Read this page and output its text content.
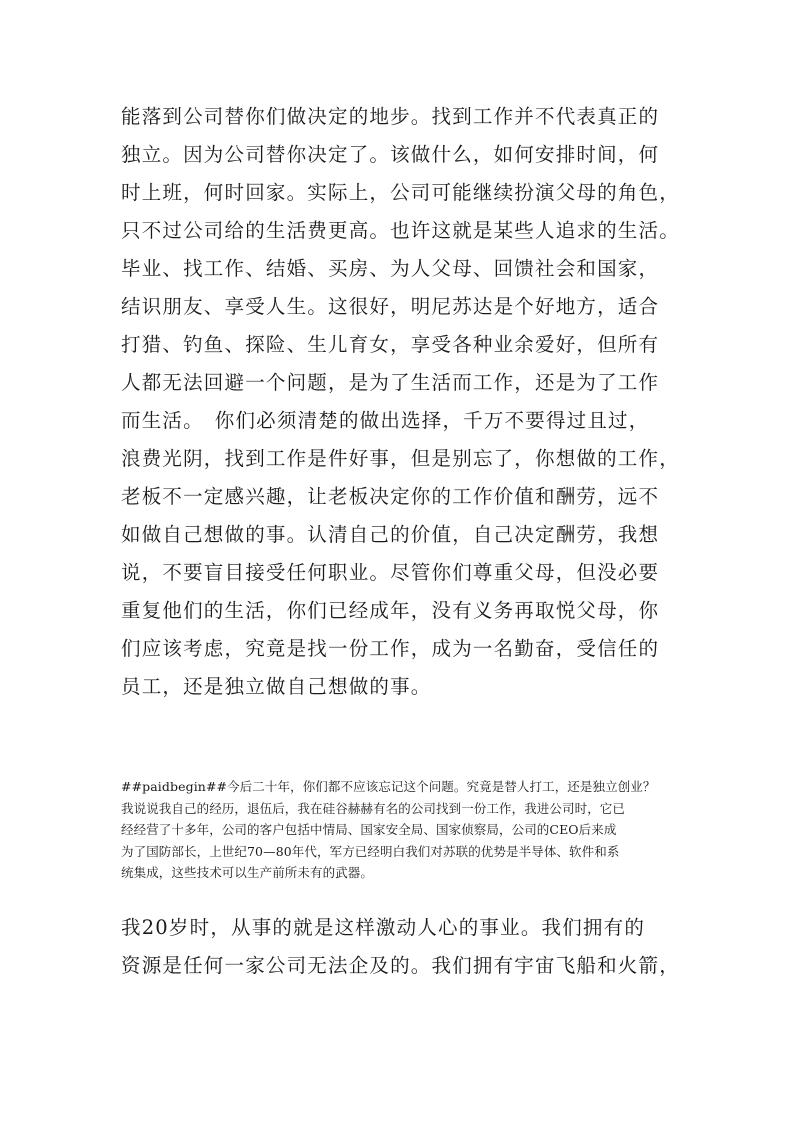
能落到公司替你们做决定的地步。找到工作并不代表真正的
独立。因为公司替你决定了。该做什么，如何安排时间，何
时上班，何时回家。实际上，公司可能继续扮演父母的角色，
只不过公司给的生活费更高。也许这就是某些人追求的生活。
毕业、找工作、结婚、买房、为人父母、回馈社会和国家，
结识朋友、享受人生。这很好，明尼苏达是个好地方，适合
打猎、钓鱼、探险、生儿育女，享受各种业余爱好，但所有
人都无法回避一个问题，是为了生活而工作，还是为了工作
而生活。　你们必须清楚的做出选择，千万不要得过且过，
浪费光阴，找到工作是件好事，但是别忘了，你想做的工作，
老板不一定感兴趣，让老板决定你的工作价值和酬劳，远不
如做自己想做的事。认清自己的价值，自己决定酬劳，我想
说，不要盲目接受任何职业。尽管你们尊重父母，但没必要
重复他们的生活，你们已经成年，没有义务再取悦父母，你
们应该考虑，究竟是找一份工作，成为一名勤奋，受信任的
员工，还是独立做自己想做的事。
##paidbegin##今后二十年，你们都不应该忘记这个问题。究竟是替人打工，还是独立创业？
我说说我自己的经历，退伍后，我在硅谷赫赫有名的公司找到一份工作，我进公司时，它已
经经营了十多年，公司的客户包括中情局、国家安全局、国家侦察局，公司的CEO后来成
为了国防部长，上世纪70—80年代，军方已经明白我们对苏联的优势是半导体、软件和系
统集成，这些技术可以生产前所未有的武器。
我20岁时，从事的就是这样激动人心的事业。我们拥有的
资源是任何一家公司无法企及的。我们拥有宇宙飞船和火箭，
